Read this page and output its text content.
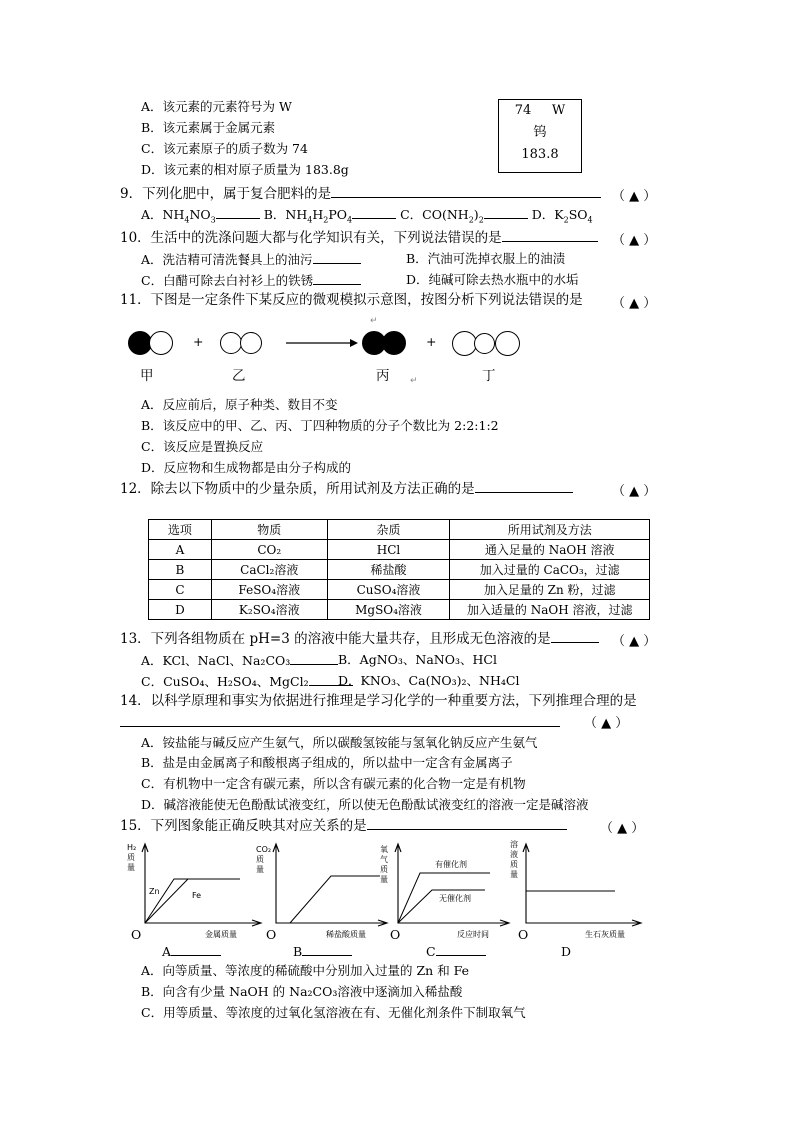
A．该元素的元素符号为 W
B．该元素属于金属元素
C．该元素原子的质子数为 74
D．该元素的相对原子质量为 183.8g
74 W
钨
183.8
9．下列化肥中，属于复合肥料的是	（ ▲ ）
A．$NH_4NO_3$	B．$NH_4H_2PO_4$	C．$CO(NH_2)_2$	D．$K_2SO_4$
10．生活中的洗涤问题大都与化学知识有关，下列说法错误的是	（ ▲ ）
A．洗洁精可清洗餐具上的油污	B．汽油可洗掉衣服上的油渍
C．白醋可除去白衬衫上的铁锈	D．纯碱可除去热水瓶中的水垢
11．下图是一定条件下某反应的微观模拟示意图，按图分析下列说法错误的是 （ ▲ ）
+
↵
+
甲	乙	丙 ↵	丁
A．反应前后，原子种类、数目不变
B．该反应中的甲、乙、丙、丁四种物质的分子个数比为 2:2:1:2
C．该反应是置换反应
D．反应物和生成物都是由分子构成的
12．除去以下物质中的少量杂质，所用试剂及方法正确的是	（ ▲ ）
选项	物质	杂质	所用试剂及方法
A	CO₂	HCl	通入足量的 NaOH 溶液
B	CaCl₂溶液	稀盐酸	加入过量的 CaCO₃，过滤
C	FeSO₄溶液	CuSO₄溶液	加入足量的 Zn 粉，过滤
D	K₂SO₄溶液	MgSO₄溶液	加入适量的 NaOH 溶液，过滤
13．下列各组物质在 pH=3 的溶液中能大量共存，且形成无色溶液的是	（ ▲ ）
A．KCl、NaCl、Na₂CO₃	B．AgNO₃、NaNO₃、HCl
C．CuSO₄、H₂SO₄、MgCl₂	D．KNO₃、Ca(NO₃)₂、NH₄Cl
14．以科学原理和事实为依据进行推理是学习化学的一种重要方法，下列推理合理的是
（ ▲ ）
A．铵盐能与碱反应产生氨气，所以碳酸氢铵能与氢氧化钠反应产生氨气
B．盐是由金属离子和酸根离子组成的，所以盐中一定含有金属离子
C．有机物中一定含有碳元素，所以含有碳元素的化合物一定是有机物
D．碱溶液能使无色酚酞试液变红，所以使无色酚酞试液变红的溶液一定是碱溶液
15．下列图象能正确反映其对应关系的是	（ ▲ ）
H₂质量
Zn	Fe
O	金属质量
A
CO₂质量
O	稀盐酸质量
B
氧气质量
有催化剂
无催化剂
O	反应时间
C
溶液质量
O	生石灰质量
D
A．向等质量、等浓度的稀硫酸中分别加入过量的 Zn 和 Fe
B．向含有少量 NaOH 的 Na₂CO₃溶液中逐滴加入稀盐酸
C．用等质量、等浓度的过氧化氢溶液在有、无催化剂条件下制取氧气
